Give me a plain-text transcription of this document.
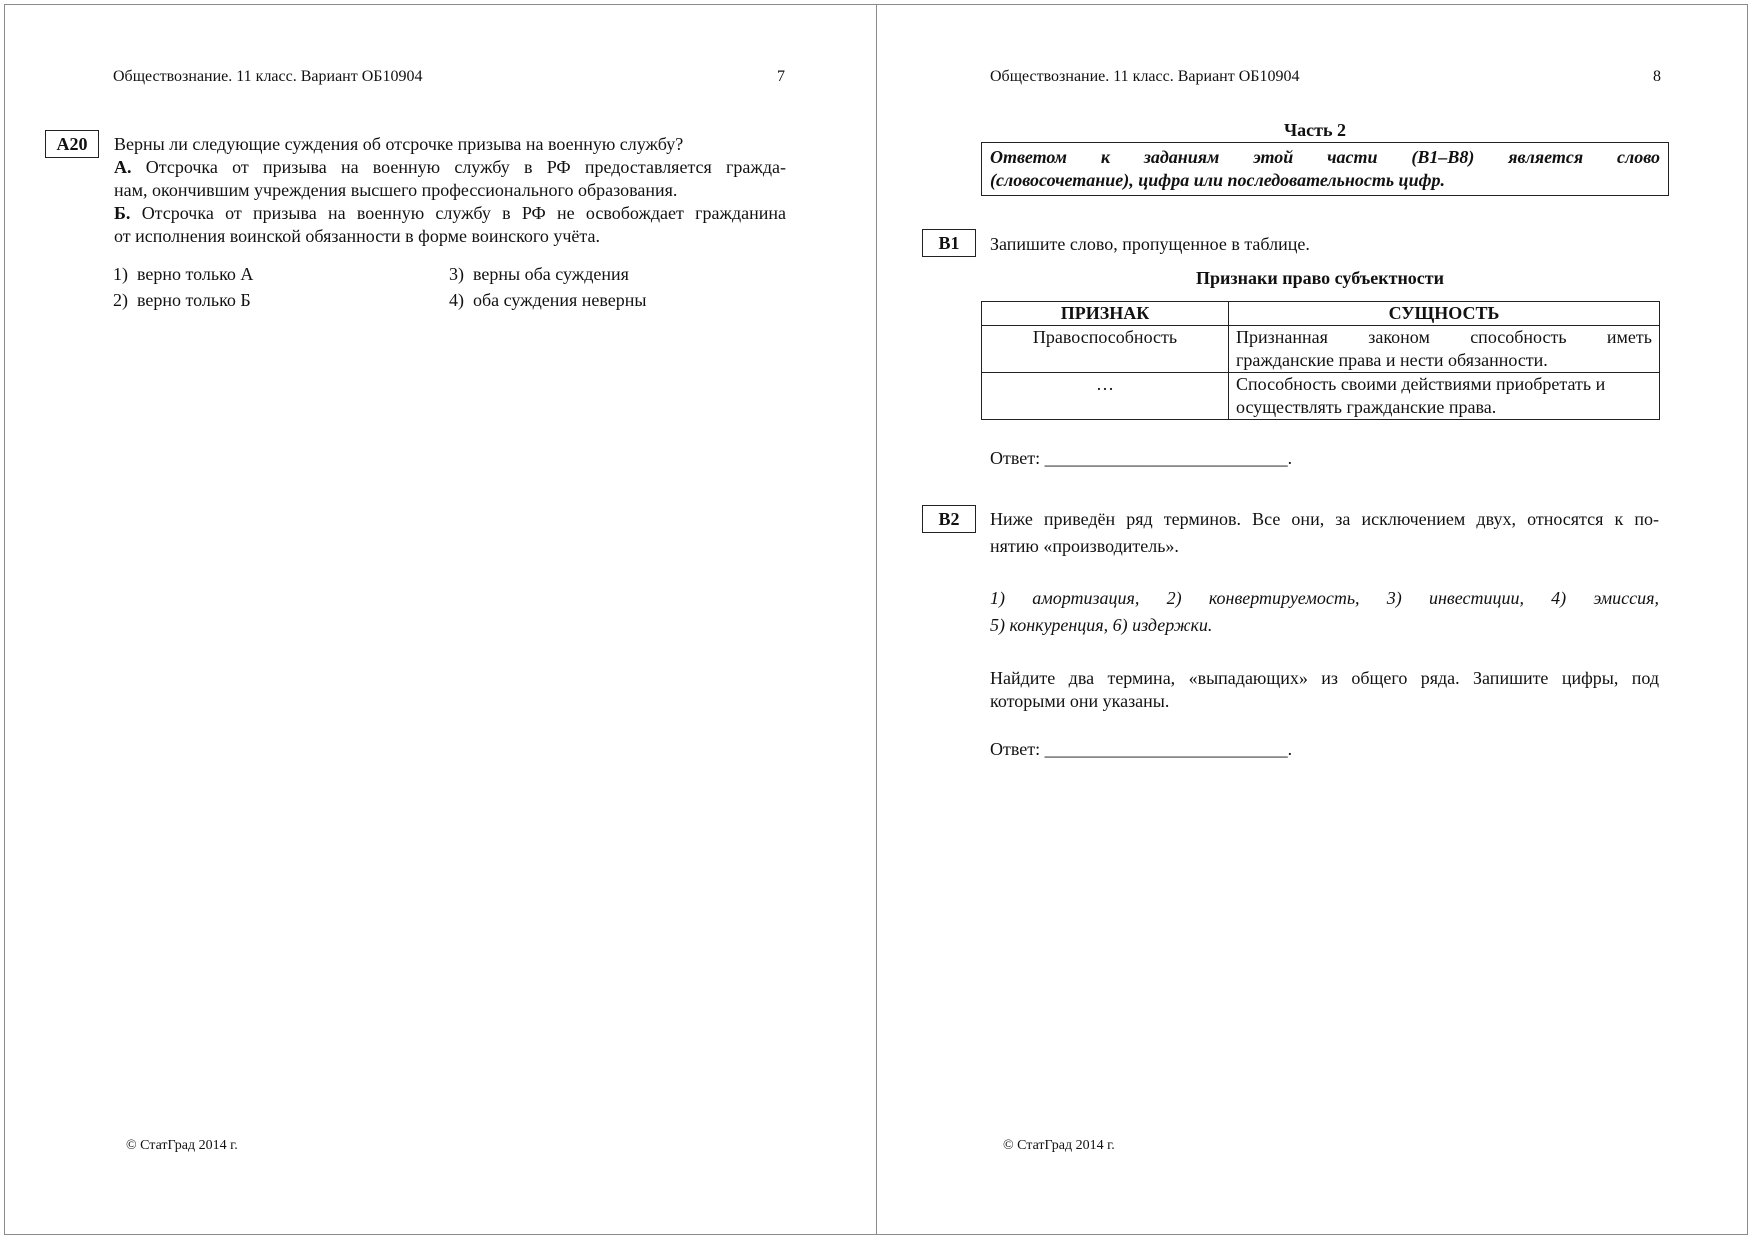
Обществознание. 11 класс. Вариант ОБ10904	7
A20	Верны ли следующие суждения об отсрочке призыва на военную службу?
А. Отсрочка от призыва на военную службу в РФ предоставляется гражда-
нам, окончившим учреждения высшего профессионального образования.
Б. Отсрочка от призыва на военную службу в РФ не освобождает гражданина
от исполнения воинской обязанности в форме воинского учёта.
1) верно только А
2) верно только Б
3) верны оба суждения
4) оба суждения неверны
© СтатГрад 2014 г.
Обществознание. 11 класс. Вариант ОБ10904	8
Часть 2
Ответом к заданиям этой части (В1–В8) является слово
(словосочетание), цифра или последовательность цифр.
B1	Запишите слово, пропущенное в таблице.
Признаки право субъектности
ПРИЗНАК	СУЩНОСТЬ
Правоспособность	Признанная законом способность иметь
гражданские права и нести обязанности.

…	Способность своими действиями приобретать и
осуществлять гражданские права.
Ответ: ___________________________.
B2	Ниже приведён ряд терминов. Все они, за исключением двух, относятся к по-
нятию «производитель».
1) амортизация, 2) конвертируемость, 3) инвестиции, 4) эмиссия,
5) конкуренция, 6) издержки.
Найдите два термина, «выпадающих» из общего ряда. Запишите цифры, под
которыми они указаны.
Ответ: ___________________________.
© СтатГрад 2014 г.
